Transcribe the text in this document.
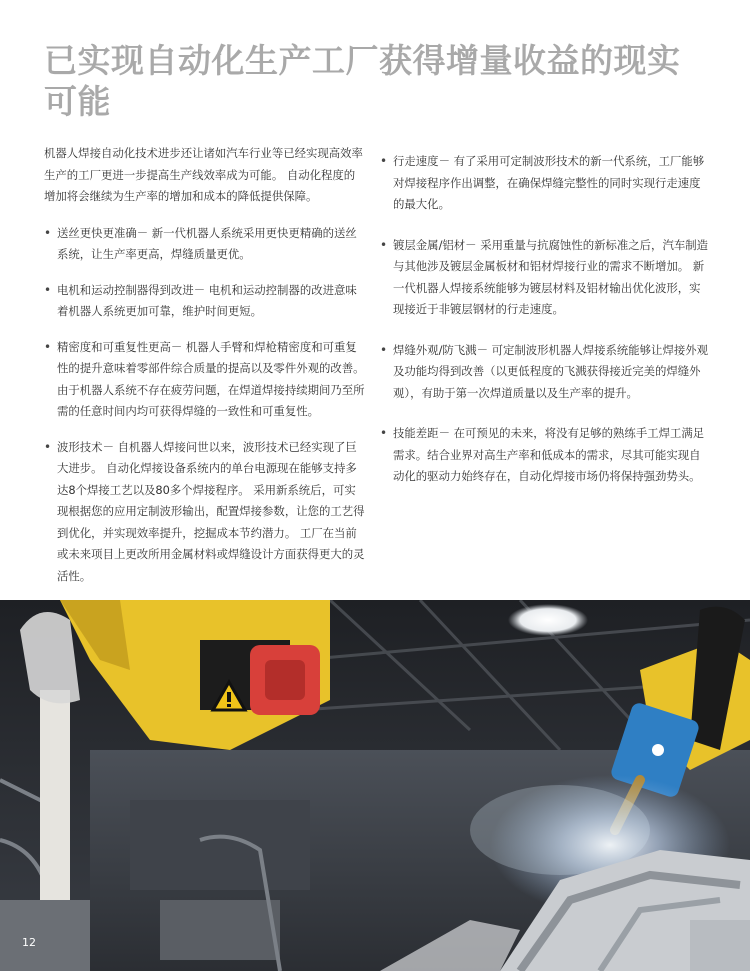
已实现自动化生产工厂获得增量收益的现实可能

机器人焊接自动化技术进步还让诸如汽车行业等已经实现高效率生产的工厂更进一步提高生产线效率成为可能。 自动化程度的增加将会继续为生产率的增加和成本的降低提供保障。

• 送丝更快更准确－ 新一代机器人系统采用更快更精确的送丝系统，让生产率更高，焊缝质量更优。
• 电机和运动控制器得到改进－ 电机和运动控制器的改进意味着机器人系统更加可靠，维护时间更短。
• 精密度和可重复性更高－ 机器人手臂和焊枪精密度和可重复性的提升意味着零部件综合质量的提高以及零件外观的改善。 由于机器人系统不存在疲劳问题，在焊道焊接持续期间乃至所需的任意时间内均可获得焊缝的一致性和可重复性。
• 波形技术－ 自机器人焊接问世以来，波形技术已经实现了巨大进步。 自动化焊接设备系统内的单台电源现在能够支持多达8个焊接工艺以及80多个焊接程序。 采用新系统后，可实现根据您的应用定制波形输出，配置焊接参数，让您的工艺得到优化，并实现效率提升，挖掘成本节约潜力。 工厂在当前或未来项目上更改所用金属材料或焊缝设计方面获得更大的灵活性。
• 行走速度－ 有了采用可定制波形技术的新一代系统，工厂能够对焊接程序作出调整，在确保焊缝完整性的同时实现行走速度的最大化。
• 镀层金属/铝材－ 采用重量与抗腐蚀性的新标准之后，汽车制造与其他涉及镀层金属板材和铝材焊接行业的需求不断增加。 新一代机器人焊接系统能够为镀层材料及铝材输出优化波形，实现接近于非镀层钢材的行走速度。
• 焊缝外观/防飞溅－ 可定制波形机器人焊接系统能够让焊接外观及功能均得到改善（以更低程度的飞溅获得接近完美的焊缝外观），有助于第一次焊道质量以及生产率的提升。
• 技能差距－ 在可预见的未来，将没有足够的熟练手工焊工满足需求。结合业界对高生产率和低成本的需求，尽其可能实现自动化的驱动力始终存在，自动化焊接市场仍将保持强劲势头。
12
